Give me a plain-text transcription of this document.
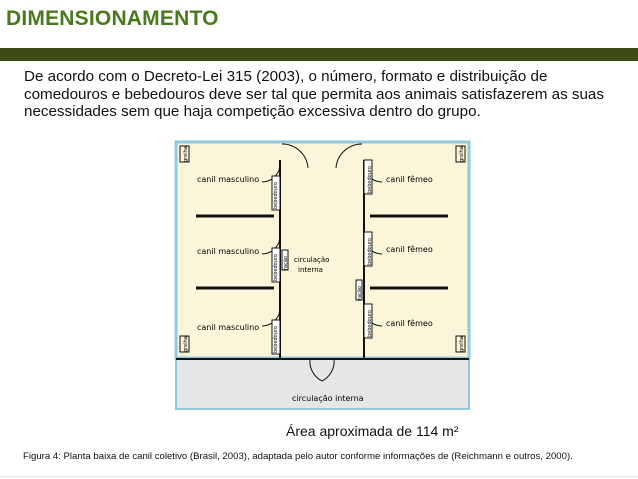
DIMENSIONAMENTO
De acordo com o Decreto-Lei 315 (2003), o número, formato e distribuição de comedouros e bebedouros deve ser tal que permita aos animais satisfazerem as suas necessidades sem que haja competição excessiva dentro do grupo.
grelha	grelha
grelha	grelha
bebedouro
bebedouro
bebedouro
bebedouro
bebedouro
bebedouro
ração
ração
canil masculino
canil masculino
canil masculino
canil fêmeo
canil fêmeo
canil fêmeo
circulação
interna
circulação interna
Área aproximada de 114 m²
Figura 4: Planta baixa de canil coletivo (Brasil, 2003), adaptada pelo autor conforme informações de (Reichmann e outros, 2000).
